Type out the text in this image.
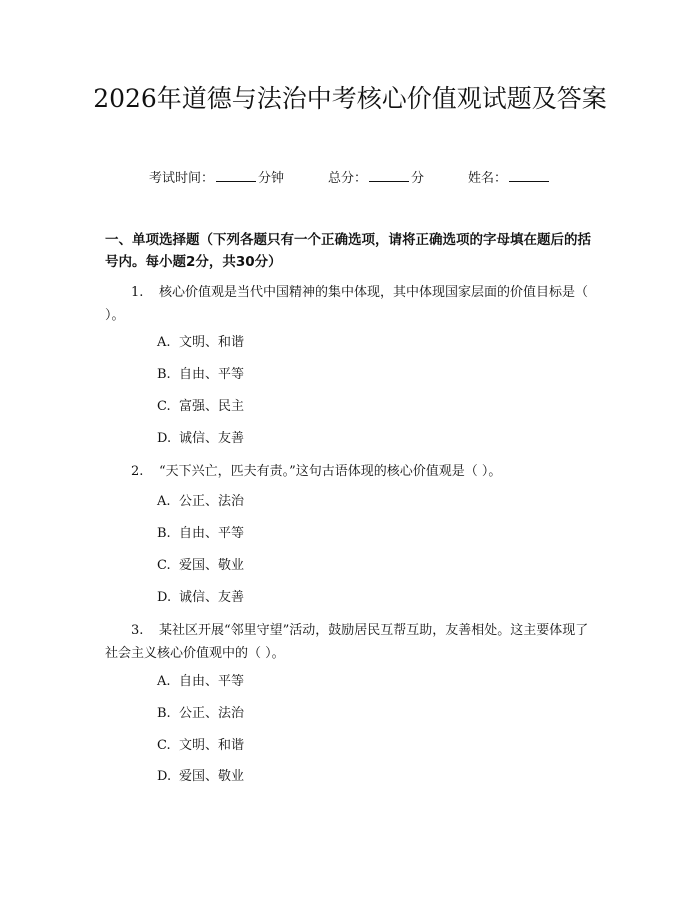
2026年道德与法治中考核心价值观试题及答案
考试时间：	分钟	总分：	分	姓名：

一、单项选择题（下列各题只有一个正确选项，请将正确选项的字母填在题后的括号内。每小题2分，共30分）

1. 核心价值观是当代中国精神的集中体现，其中体现国家层面的价值目标是（ ）。
A. 文明、和谐
B. 自由、平等
C. 富强、民主
D. 诚信、友善
2. “天下兴亡，匹夫有责。”这句古语体现的核心价值观是（ ）。
A. 公正、法治
B. 自由、平等
C. 爱国、敬业
D. 诚信、友善
3. 某社区开展“邻里守望”活动，鼓励居民互帮互助，友善相处。这主要体现了社会主义核心价值观中的（ ）。
A. 自由、平等
B. 公正、法治
C. 文明、和谐
D. 爱国、敬业
